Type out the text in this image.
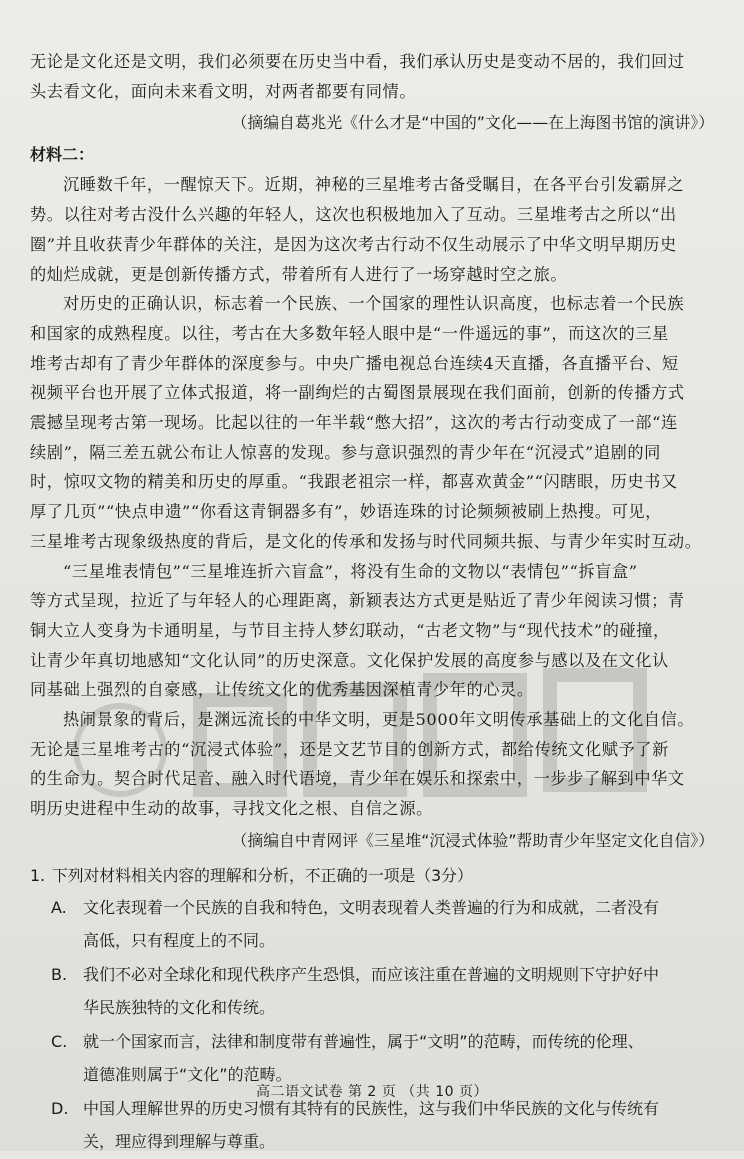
无论是文化还是文明，我们必须要在历史当中看，我们承认历史是变动不居的，我们回过
头去看文化，面向未来看文明，对两者都要有同情。
（摘编自葛兆光《什么才是“中国的”文化——在上海图书馆的演讲》）
材料二：
沉睡数千年，一醒惊天下。近期，神秘的三星堆考古备受瞩目，在各平台引发霸屏之
势。以往对考古没什么兴趣的年轻人，这次也积极地加入了互动。三星堆考古之所以“出
圈”并且收获青少年群体的关注，是因为这次考古行动不仅生动展示了中华文明早期历史
的灿烂成就，更是创新传播方式，带着所有人进行了一场穿越时空之旅。
对历史的正确认识，标志着一个民族、一个国家的理性认识高度，也标志着一个民族
和国家的成熟程度。以往，考古在大多数年轻人眼中是“一件遥远的事”，而这次的三星
堆考古却有了青少年群体的深度参与。中央广播电视总台连续4天直播，各直播平台、短
视频平台也开展了立体式报道，将一副绚烂的古蜀图景展现在我们面前，创新的传播方式
震撼呈现考古第一现场。比起以往的一年半载“憋大招”，这次的考古行动变成了一部“连
续剧”，隔三差五就公布让人惊喜的发现。参与意识强烈的青少年在“沉浸式”追剧的同
时，惊叹文物的精美和历史的厚重。“我跟老祖宗一样，都喜欢黄金”“闪瞎眼，历史书又
厚了几页”“快点申遗”“你看这青铜器多有”，妙语连珠的讨论频频被刷上热搜。可见，
三星堆考古现象级热度的背后，是文化的传承和发扬与时代同频共振、与青少年实时互动。
“三星堆表情包”“三星堆连折六盲盒”，将没有生命的文物以“表情包”“拆盲盒”
等方式呈现，拉近了与年轻人的心理距离，新颖表达方式更是贴近了青少年阅读习惯；青
铜大立人变身为卡通明星，与节目主持人梦幻联动，“古老文物”与“现代技术”的碰撞，
让青少年真切地感知“文化认同”的历史深意。文化保护发展的高度参与感以及在文化认
同基础上强烈的自豪感，让传统文化的优秀基因深植青少年的心灵。
热闹景象的背后，是渊远流长的中华文明，更是5000年文明传承基础上的文化自信。
无论是三星堆考古的“沉浸式体验”，还是文艺节目的创新方式，都给传统文化赋予了新
的生命力。契合时代足音、融入时代语境，青少年在娱乐和探索中，一步步了解到中华文
明历史进程中生动的故事，寻找文化之根、自信之源。
（摘编自中青网评《三星堆“沉浸式体验”帮助青少年坚定文化自信》）
1. 下列对材料相关内容的理解和分析，不正确的一项是（3分）
A. 文化表现着一个民族的自我和特色，文明表现着人类普遍的行为和成就，二者没有
高低，只有程度上的不同。
B. 我们不必对全球化和现代秩序产生恐惧，而应该注重在普遍的文明规则下守护好中
华民族独特的文化和传统。
C. 就一个国家而言，法律和制度带有普遍性，属于“文明”的范畴，而传统的伦理、
道德准则属于“文化”的范畴。
D. 中国人理解世界的历史习惯有其特有的民族性，这与我们中华民族的文化与传统有
关，理应得到理解与尊重。
高二语文试卷 第 2 页 （共 10 页）
